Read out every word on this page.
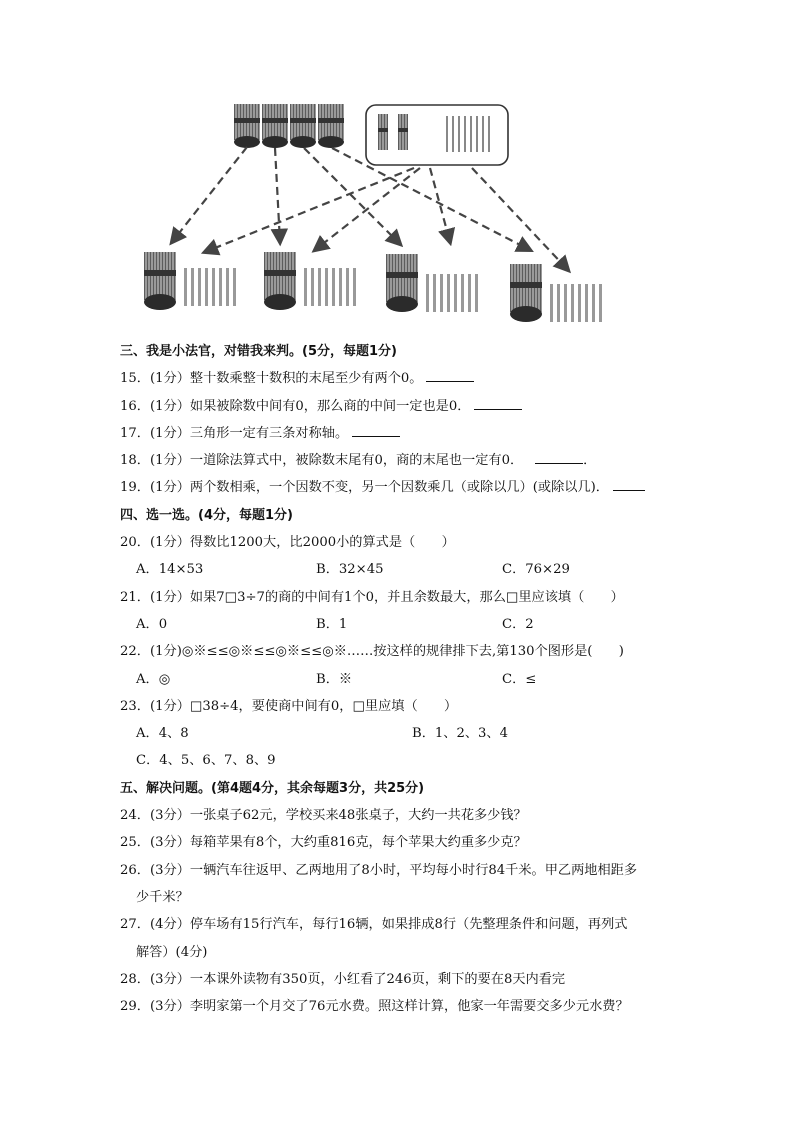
三、我是小法官，对错我来判。(5分，每题1分)
15．(1分）整十数乘整十数积的末尾至少有两个0。
16．(1分）如果被除数中间有0，那么商的中间一定也是0．
17．(1分）三角形一定有三条对称轴。
18．(1分）一道除法算式中，被除数末尾有0，商的末尾也一定有0．	．
19．(1分）两个数相乘，一个因数不变，另一个因数乘几（或除以几）(或除以几)．
四、选一选。(4分，每题1分)
20．(1分）得数比1200大，比2000小的算式是（　　）
A．14×53	B．32×45	C．76×29
21．(1分）如果7□3÷7的商的中间有1个0，并且余数最大，那么□里应该填（　　）
A．0	B．1	C．2
22．(1分)◎※≤≤◎※≤≤◎※≤≤◎※……按这样的规律排下去,第130个图形是(　　)
A．◎	B．※	C．≤
23．(1分）□38÷4，要使商中间有0，□里应填（　　）
A．4、8	B．1、2、3、4
C．4、5、6、7、8、9
五、解决问题。(第4题4分，其余每题3分，共25分)
24．(3分）一张桌子62元，学校买来48张桌子，大约一共花多少钱？
25．(3分）每箱苹果有8个，大约重816克，每个苹果大约重多少克？
26．(3分）一辆汽车往返甲、乙两地用了8小时，平均每小时行84千米。甲乙两地相距多
少千米？
27．(4分）停车场有15行汽车，每行16辆，如果排成8行（先整理条件和问题，再列式
解答）(4分)
28．(3分）一本课外读物有350页，小红看了246页，剩下的要在8天内看完
29．(3分）李明家第一个月交了76元水费。照这样计算，他家一年需要交多少元水费？
